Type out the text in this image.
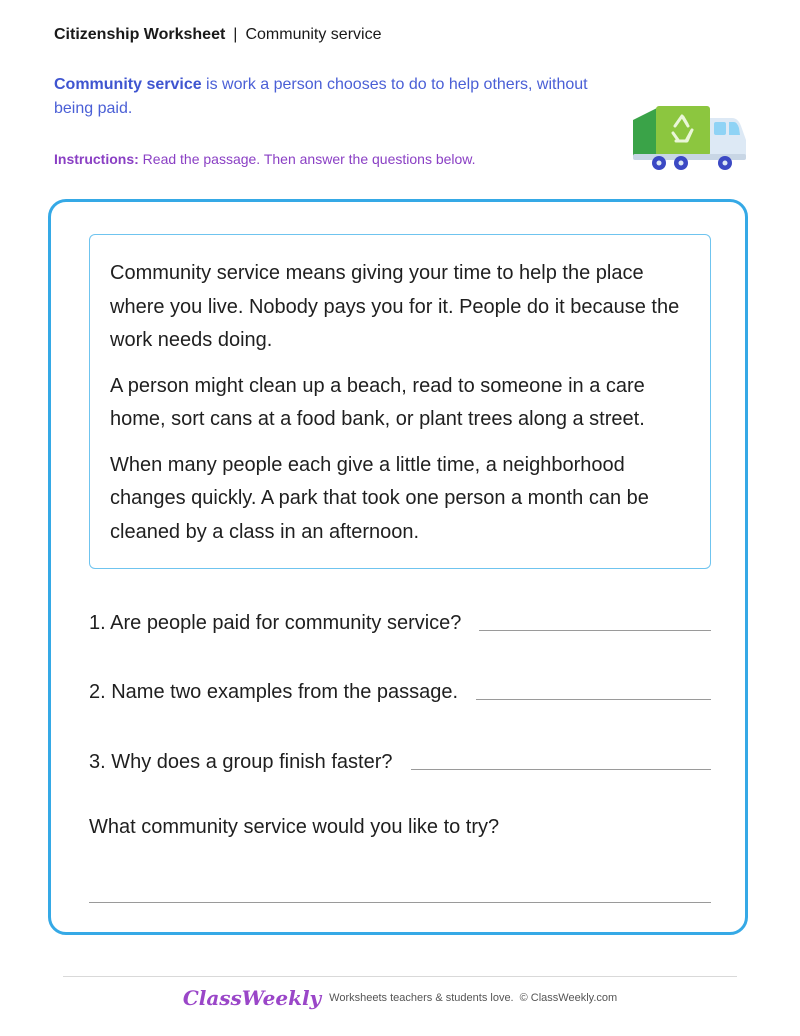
Citizenship Worksheet | Community service
Community service is work a person chooses to do to help others, without being paid.
Instructions: Read the passage. Then answer the questions below.

Community service means giving your time to help the place where you live. Nobody pays you for it. People do it because the work needs doing.

A person might clean up a beach, read to someone in a care home, sort cans at a food bank, or plant trees along a street.

When many people each give a little time, a neighborhood changes quickly. A park that took one person a month can be cleaned by a class in an afternoon.

1. Are people paid for community service?
2. Name two examples from the passage.
3. Why does a group finish faster?
What community service would you like to try?
ClassWeekly Worksheets teachers & students love. © ClassWeekly.com
